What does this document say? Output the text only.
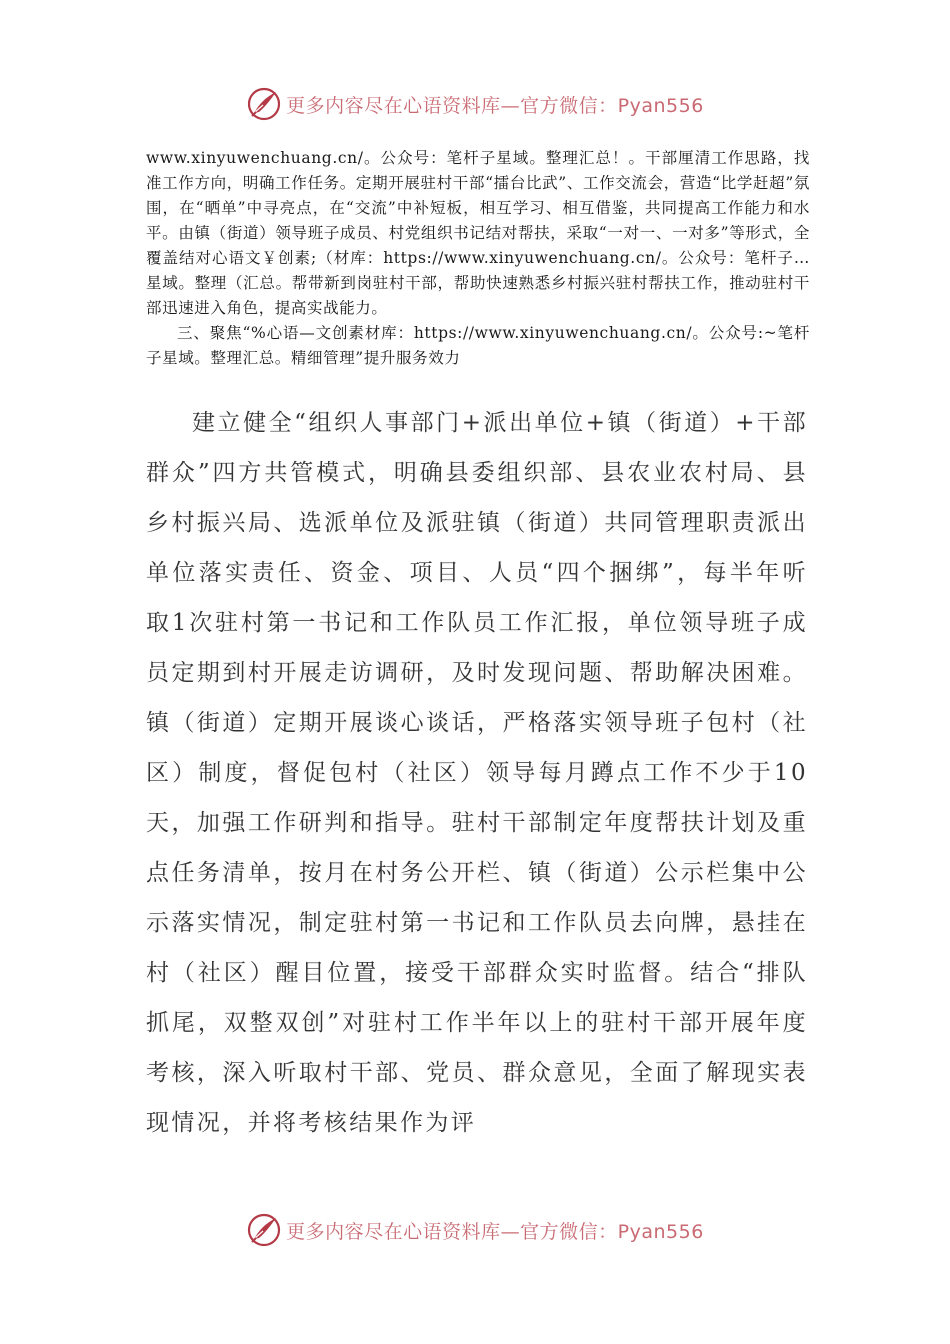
更多内容尽在心语资料库—官方微信：Pyan556

www.xinyuwenchuang.cn/。公众号：笔杆子星域。整理汇总！。干部厘清工作思路，找准工作方向，明确工作任务。定期开展驻村干部“擂台比武”、工作交流会，营造“比学赶超”氛围，在“晒单”中寻亮点，在“交流”中补短板，相互学习、相互借鉴，共同提高工作能力和水平。由镇（街道）领导班子成员、村党组织书记结对帮扶，采取“一对一、一对多”等形式，全覆盖结对心语文￥创素;（材库：https://www.xinyuwenchuang.cn/。公众号：笔杆子…星域。整理（汇总。帮带新到岗驻村干部，帮助快速熟悉乡村振兴驻村帮扶工作，推动驻村干部迅速进入角色，提高实战能力。

三、聚焦“%心语—文创素材库：https://www.xinyuwenchuang.cn/。公众号:~笔杆子星域。整理汇总。精细管理”提升服务效力

建立健全“组织人事部门+派出单位+镇（街道）+干部群众”四方共管模式，明确县委组织部、县农业农村局、县乡村振兴局、选派单位及派驻镇（街道）共同管理职责派出单位落实责任、资金、项目、人员“四个捆绑”，每半年听取1次驻村第一书记和工作队员工作汇报，单位领导班子成员定期到村开展走访调研，及时发现问题、帮助解决困难。镇（街道）定期开展谈心谈话，严格落实领导班子包村（社区）制度，督促包村（社区）领导每月蹲点工作不少于10天，加强工作研判和指导。驻村干部制定年度帮扶计划及重点任务清单，按月在村务公开栏、镇（街道）公示栏集中公示落实情况，制定驻村第一书记和工作队员去向牌，悬挂在村（社区）醒目位置，接受干部群众实时监督。结合“排队抓尾，双整双创”对驻村工作半年以上的驻村干部开展年度考核，深入听取村干部、党员、群众意见，全面了解现实表现情况，并将考核结果作为评

更多内容尽在心语资料库—官方微信：Pyan556
